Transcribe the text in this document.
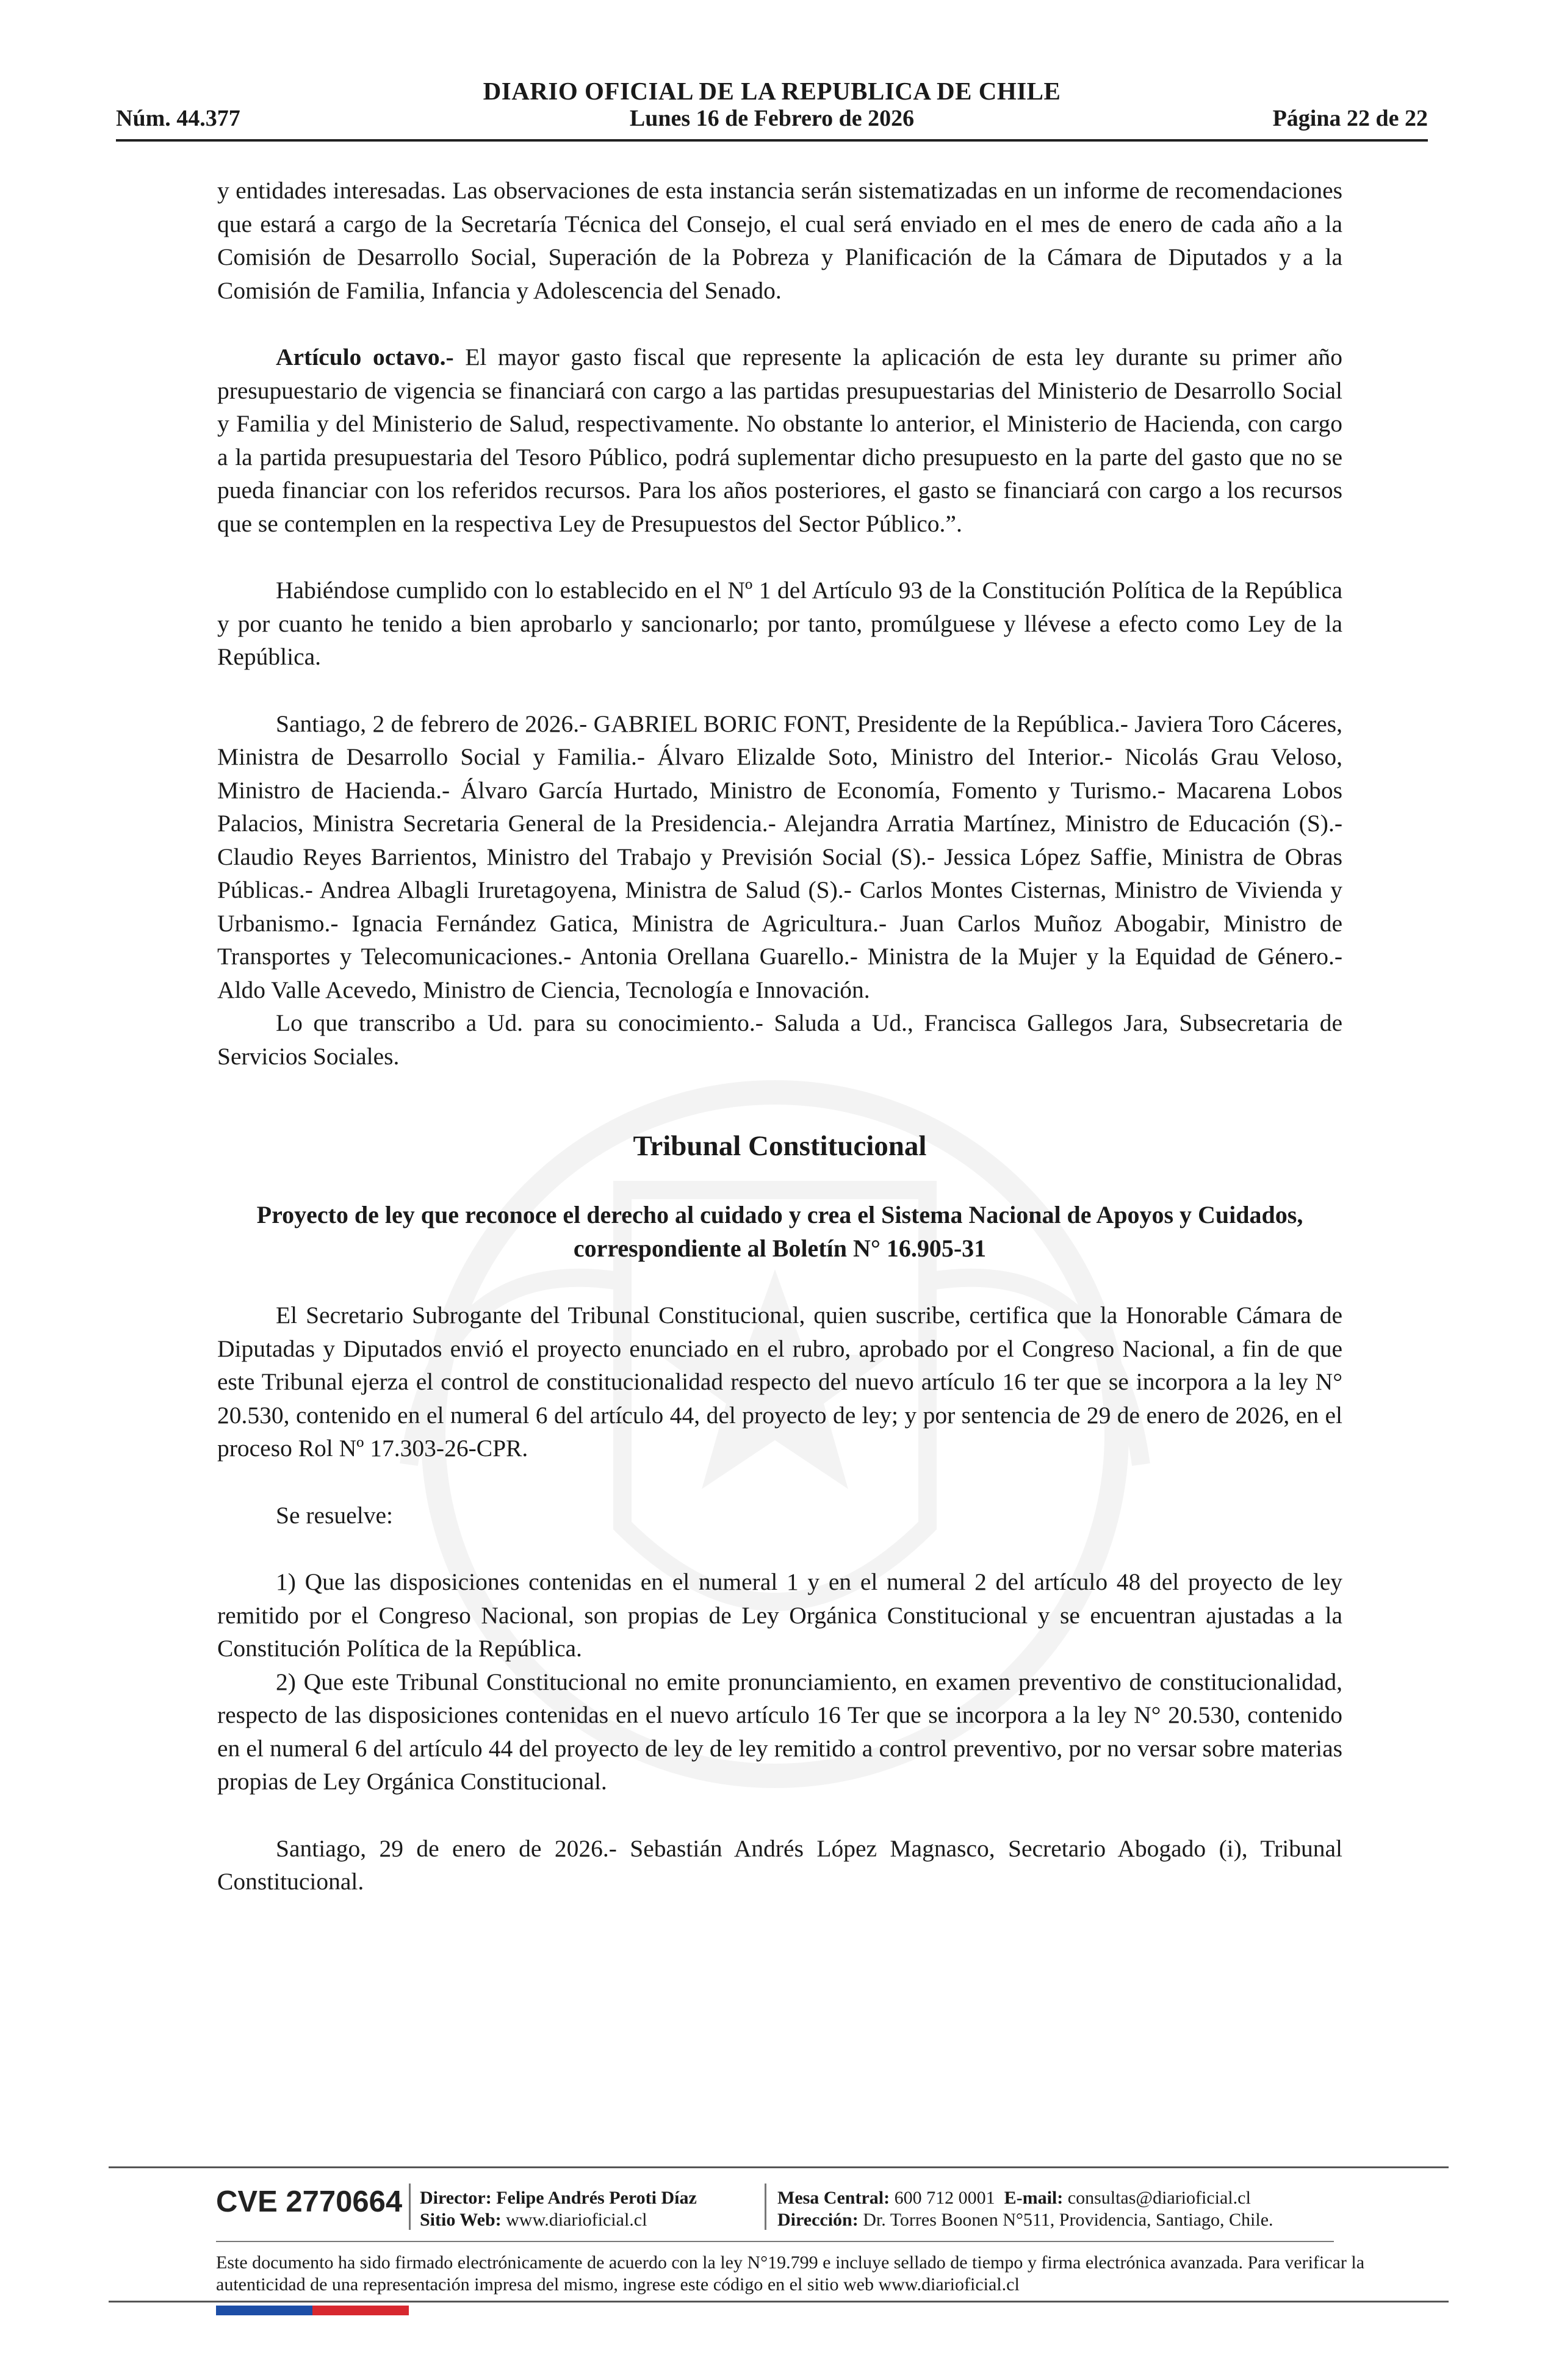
DIARIO OFICIAL DE LA REPUBLICA DE CHILE
Núm. 44.377	Lunes 16 de Febrero de 2026	Página 22 de 22

y entidades interesadas. Las observaciones de esta instancia serán sistematizadas en un informe de recomendaciones que estará a cargo de la Secretaría Técnica del Consejo, el cual será enviado en el mes de enero de cada año a la Comisión de Desarrollo Social, Superación de la Pobreza y Planificación de la Cámara de Diputados y a la Comisión de Familia, Infancia y Adolescencia del Senado.

Artículo octavo.- El mayor gasto fiscal que represente la aplicación de esta ley durante su primer año presupuestario de vigencia se financiará con cargo a las partidas presupuestarias del Ministerio de Desarrollo Social y Familia y del Ministerio de Salud, respectivamente. No obstante lo anterior, el Ministerio de Hacienda, con cargo a la partida presupuestaria del Tesoro Público, podrá suplementar dicho presupuesto en la parte del gasto que no se pueda financiar con los referidos recursos. Para los años posteriores, el gasto se financiará con cargo a los recursos que se contemplen en la respectiva Ley de Presupuestos del Sector Público.”.

Habiéndose cumplido con lo establecido en el Nº 1 del Artículo 93 de la Constitución Política de la República y por cuanto he tenido a bien aprobarlo y sancionarlo; por tanto, promúlguese y llévese a efecto como Ley de la República.

Santiago, 2 de febrero de 2026.- GABRIEL BORIC FONT, Presidente de la República.- Javiera Toro Cáceres, Ministra de Desarrollo Social y Familia.- Álvaro Elizalde Soto, Ministro del Interior.- Nicolás Grau Veloso, Ministro de Hacienda.- Álvaro García Hurtado, Ministro de Economía, Fomento y Turismo.- Macarena Lobos Palacios, Ministra Secretaria General de la Presidencia.- Alejandra Arratia Martínez, Ministro de Educación (S).- Claudio Reyes Barrientos, Ministro del Trabajo y Previsión Social (S).- Jessica López Saffie, Ministra de Obras Públicas.- Andrea Albagli Iruretagoyena, Ministra de Salud (S).- Carlos Montes Cisternas, Ministro de Vivienda y Urbanismo.- Ignacia Fernández Gatica, Ministra de Agricultura.- Juan Carlos Muñoz Abogabir, Ministro de Transportes y Telecomunicaciones.- Antonia Orellana Guarello.- Ministra de la Mujer y la Equidad de Género.- Aldo Valle Acevedo, Ministro de Ciencia, Tecnología e Innovación.

Lo que transcribo a Ud. para su conocimiento.- Saluda a Ud., Francisca Gallegos Jara, Subsecretaria de Servicios Sociales.

Tribunal Constitucional
Proyecto de ley que reconoce el derecho al cuidado y crea el Sistema Nacional de Apoyos y Cuidados, correspondiente al Boletín N° 16.905-31

El Secretario Subrogante del Tribunal Constitucional, quien suscribe, certifica que la Honorable Cámara de Diputadas y Diputados envió el proyecto enunciado en el rubro, aprobado por el Congreso Nacional, a fin de que este Tribunal ejerza el control de constitucionalidad respecto del nuevo artículo 16 ter que se incorpora a la ley N° 20.530, contenido en el numeral 6 del artículo 44, del proyecto de ley; y por sentencia de 29 de enero de 2026, en el proceso Rol Nº 17.303-26-CPR.

Se resuelve:

1) Que las disposiciones contenidas en el numeral 1 y en el numeral 2 del artículo 48 del proyecto de ley remitido por el Congreso Nacional, son propias de Ley Orgánica Constitucional y se encuentran ajustadas a la Constitución Política de la República.

2) Que este Tribunal Constitucional no emite pronunciamiento, en examen preventivo de constitucionalidad, respecto de las disposiciones contenidas en el nuevo artículo 16 Ter que se incorpora a la ley N° 20.530, contenido en el numeral 6 del artículo 44 del proyecto de ley de ley remitido a control preventivo, por no versar sobre materias propias de Ley Orgánica Constitucional.

Santiago, 29 de enero de 2026.- Sebastián Andrés López Magnasco, Secretario Abogado (i), Tribunal Constitucional.

CVE 2770664 Director: Felipe Andrés Peroti Díaz
Sitio Web: www.diarioficial.cl
Mesa Central: 600 712 0001 E-mail: consultas@diarioficial.cl
Dirección: Dr. Torres Boonen N°511, Providencia, Santiago, Chile.
Este documento ha sido firmado electrónicamente de acuerdo con la ley N°19.799 e incluye sellado de tiempo y firma electrónica avanzada. Para verificar la autenticidad de una representación impresa del mismo, ingrese este código en el sitio web www.diarioficial.cl
